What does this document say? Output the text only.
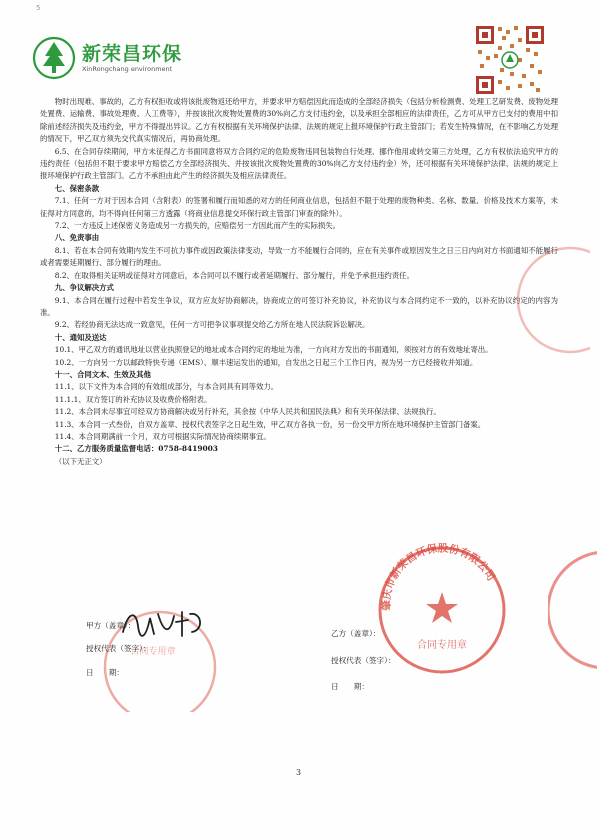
5
新荣昌环保
XinRongchang environment

物时出现难、事故的，乙方有权拒收或将该批废物返还给甲方，并要求甲方赔偿因此而造成的全部经济损失（包括分析检测费、处理工艺研发费、废物处理处置费、运输费、事故处理费、人工费等），并按该批次废物处置费的30%向乙方支付违约金，以及承担全部相应的法律责任，乙方可从甲方已支付的费用中扣除前述经济损失及违约金，甲方不得提出异议。乙方有权根据有关环境保护法律、法规的规定上报环境保护行政主管部门；若发生特殊情况，在不影响乙方处理的情况下，甲乙双方须先交代真实情况后，再协商处理。

6.5、在合同存续期间，甲方未征得乙方书面同意将双方合同约定的危险废物违同包装物自行处理、挪作他用或转交第三方处理，乙方有权依法追究甲方的违约责任（包括但不限于要求甲方赔偿乙方全部经济损失、并按该批次废物处置费的30%向乙方支付违约金）外，还可根据有关环境保护法律、法规的规定上报环境保护行政主管部门。乙方不承担由此产生的经济损失及相应法律责任。

七、保密条款

7.1、任何一方对于因本合同（含附表）的签署和履行而知悉的对方的任何商业信息，包括但不限于处理的废物种类、名称、数量、价格及技术方案等，未征得对方同意的，均不得向任何第三方透露（将商业信息提交环保行政主管部门审查的除外）。

7.2、一方违反上述保密义务造成另一方损失的，应赔偿另一方因此而产生的实际损失。

八、免责事由

8.1、若在本合同有效期内发生不可抗力事件或因政策法律变动，导致一方不能履行合同的，应在有关事件或原因发生之日三日内向对方书面通知不能履行或者需要延期履行、部分履行的理由。

8.2、在取得相关证明或征得对方同意后，本合同可以不履行或者延期履行、部分履行，并免予承担违约责任。

九、争议解决方式

9.1、本合同在履行过程中若发生争议，双方应友好协商解决，协商成立的可签订补充协议，补充协议与本合同约定不一致的，以补充协议约定的内容为准。

9.2、若经协商无法达成一致意见，任何一方可把争议事项提交给乙方所在地人民法院诉讼解决。

十、通知及送达

10.1、甲乙双方的通讯地址以营业执照登记的地址或本合同约定的地址为准，一方向对方发出的书面通知，须按对方的有效地址寄出。

10.2、一方向另一方以邮政特快专递（EMS）、顺丰速运发出的通知，自发出之日起三个工作日内，视为另一方已经接收并知道。

十一、合同文本、生效及其他

11.1、以下文件为本合同的有效组成部分，与本合同具有同等效力。

11.1.1、双方签订的补充协议及收费价格附表。

11.2、本合同未尽事宜可经双方协商解决或另行补充，其余按《中华人民共和国民法典》和有关环保法律、法规执行。

11.3、本合同一式叁份，自双方盖章、授权代表签字之日起生效，甲乙双方各执一份，另一份交甲方所在地环境保护主管部门备案。

11.4、本合同期满前一个月，双方可根据实际情况协商续期事宜。

十二、乙方服务质量监督电话：0758-8419003

（以下无正文）

肇庆市新荣昌环保股份有限公司
合同专用章
合同专用章
甲方（盖章）：
授权代表（签字）：
日　　期：
乙方（盖章）：
授权代表（签字）：
日　　期：
3
